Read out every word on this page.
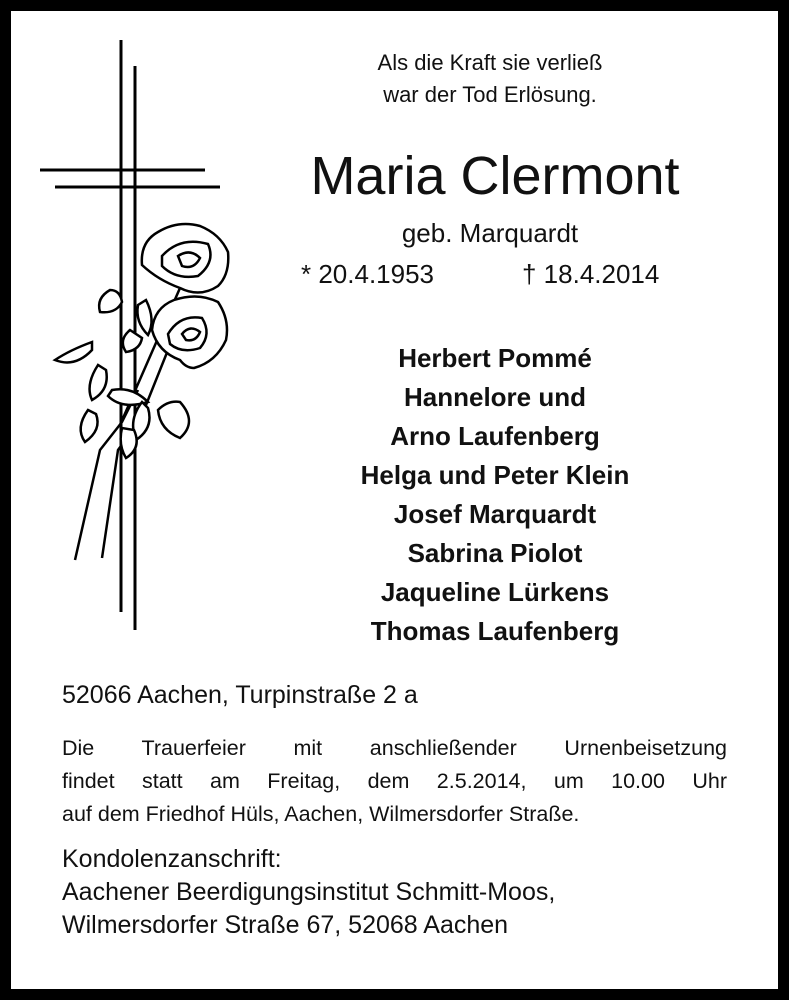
Als die Kraft sie verließ
war der Tod Erlösung.
Maria Clermont
geb. Marquardt
* 20.4.1953	† 18.4.2014
Herbert Pommé
Hannelore und
Arno Laufenberg
Helga und Peter Klein
Josef Marquardt
Sabrina Piolot
Jaqueline Lürkens
Thomas Laufenberg
52066 Aachen, Turpinstraße 2 a
Die Trauerfeier mit anschließender Urnenbeisetzung
findet statt am Freitag, dem 2.5.2014, um 10.00 Uhr
auf dem Friedhof Hüls, Aachen, Wilmersdorfer Straße.
Kondolenzanschrift:
Aachener Beerdigungsinstitut Schmitt-Moos,
Wilmersdorfer Straße 67, 52068 Aachen
